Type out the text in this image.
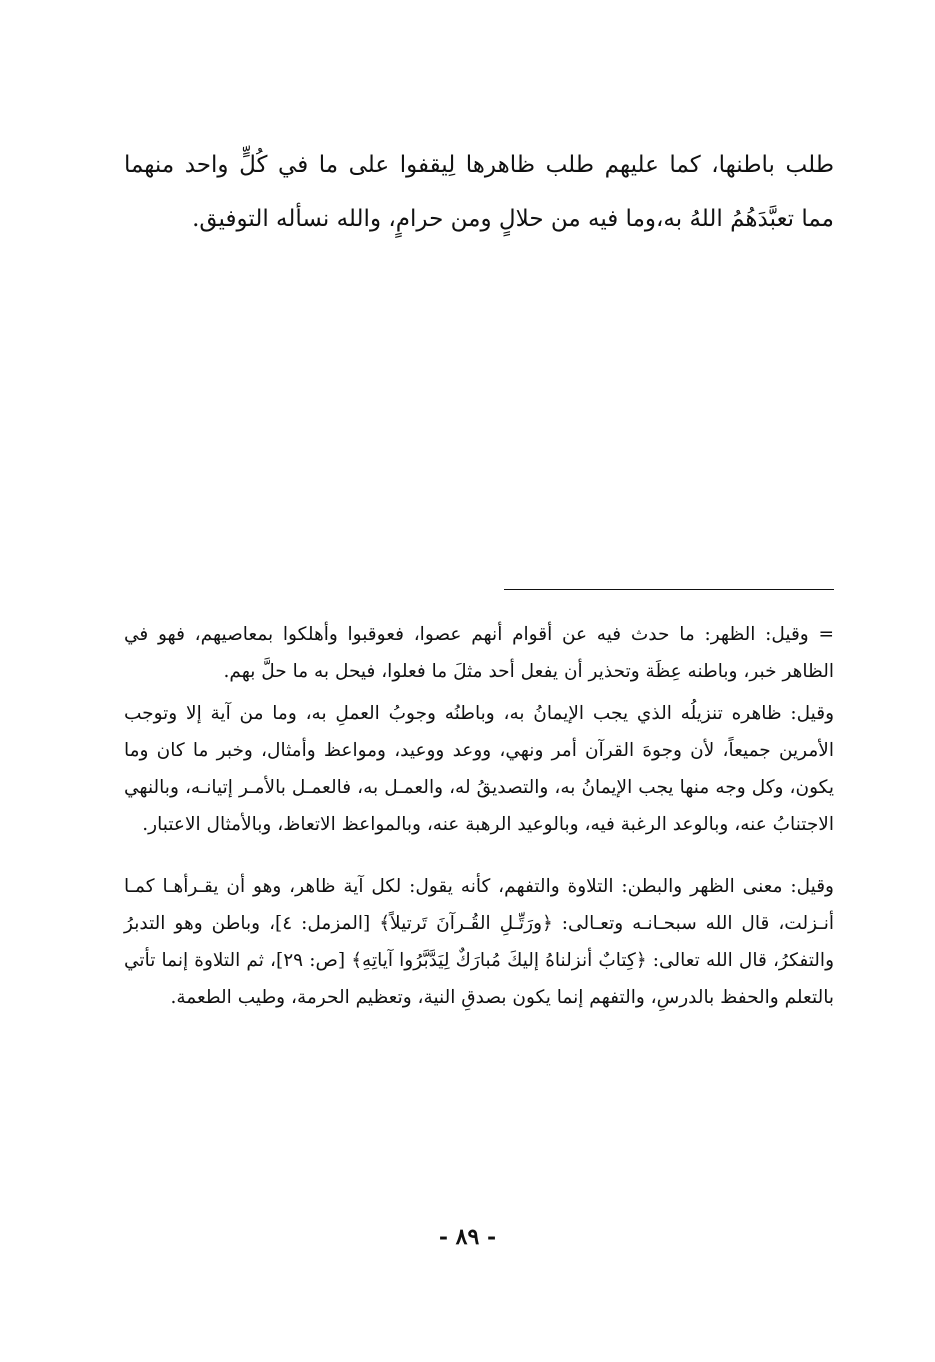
طلب باطنها، كما عليهم طلب ظاهرها لِيقفوا على ما في كُلٍّ واحد منهما مما تعبَّدَهُمُ اللهُ به،وما فيه من حلالٍ ومن حرامٍ، والله نسأله التوفيق.

= وقيل: الظهر: ما حدث فيه عن أقوام أنهم عصوا، فعوقبوا وأهلكوا بمعاصيهم، فهو في الظاهر خبر، وباطنه عِظَة وتحذير أن يفعل أحد مثلَ ما فعلوا، فيحل به ما حلَّ بهم.

وقيل: ظاهره تنزيلُه الذي يجب الإيمانُ به، وباطنُه وجوبُ العملِ به، وما من آية إلا وتوجب الأمرين جميعاً، لأن وجوهَ القرآن أمر ونهي، ووعد ووعيد، ومواعظ وأمثال، وخبر ما كان وما يكون، وكل وجه منها يجب الإيمانُ به، والتصديقُ له، والعمـل به، فالعمـل بالأمـر إتيانـه، وبالنهي الاجتنابُ عنه، وبالوعد الرغبة فيه، وبالوعيد الرهبة عنه، وبالمواعظ الاتعاظ، وبالأمثال الاعتبار.

وقيل: معنى الظهر والبطن: التلاوة والتفهم، كأنه يقول: لكل آية ظاهر، وهو أن يقـرأهـا كمـا أنـزلت، قال الله سبحـانـه وتعـالى: ﴿ورَتِّـلِ القُـرآنَ تَرتيلاً﴾ [المزمل: ٤]، وباطن وهو التدبرُ والتفكرُ، قال الله تعالى: ﴿كِتابٌ أنزلناهُ إليكَ مُبارَكٌ لِيَدَّبَّرُوا آياتِهِ﴾ [ص: ٢٩]، ثم التلاوة إنما تأتي بالتعلم والحفظ بالدرسِ، والتفهم إنما يكون بصدقِ النية، وتعظيم الحرمة، وطيب الطعمة.

- ٨٩ -
